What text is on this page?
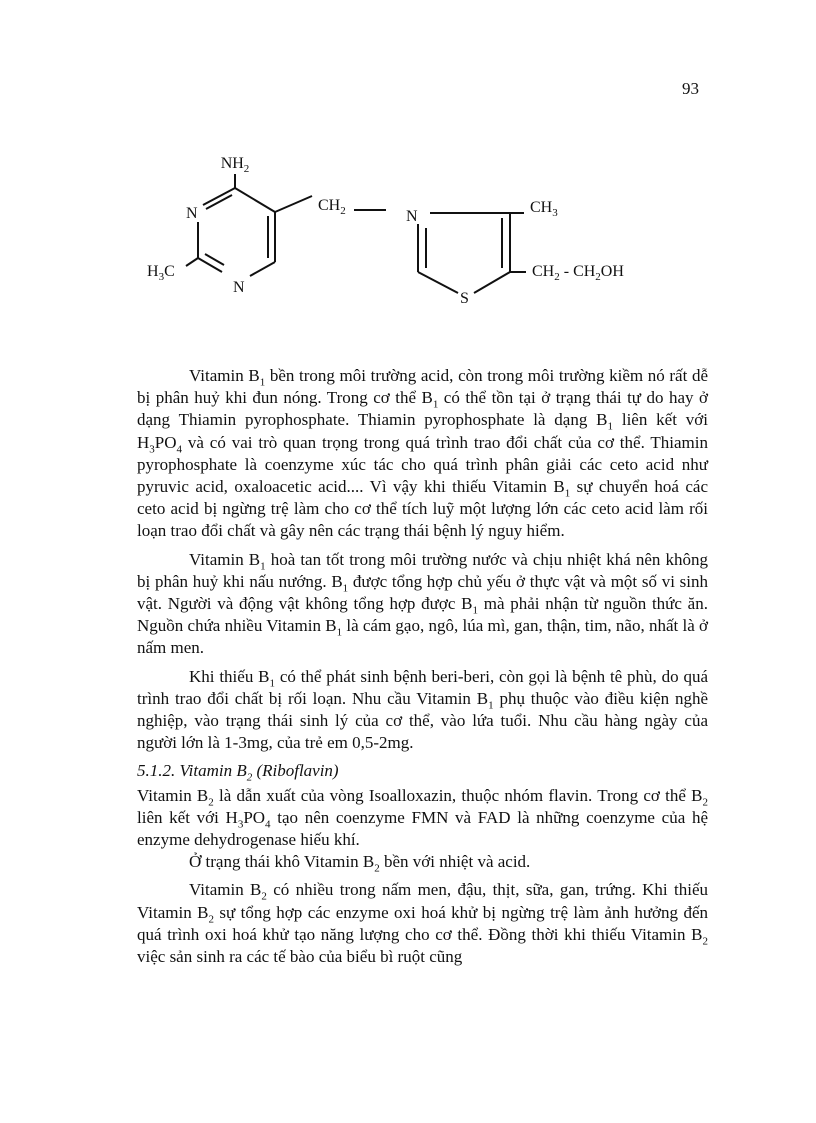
93
$NH_2$
N
N
$H_3C$
$CH_2$	N
S
$CH_3$
$CH_2 - CH_2OH$

Vitamin $B_1$ bền trong môi trường acid, còn trong môi trường kiềm nó rất dễ bị phân huỷ khi đun nóng. Trong cơ thể $B_1$ có thể tồn tại ở trạng thái tự do hay ở dạng Thiamin pyrophosphate. Thiamin pyrophosphate là dạng $B_1$ liên kết với $H_3PO_4$ và có vai trò quan trọng trong quá trình trao đổi chất của cơ thể. Thiamin pyrophosphate là coenzyme xúc tác cho quá trình phân giải các ceto acid như pyruvic acid, oxaloacetic acid.... Vì vậy khi thiếu Vitamin $B_1$ sự chuyển hoá các ceto acid bị ngừng trệ làm cho cơ thể tích luỹ một lượng lớn các ceto acid làm rối loạn trao đổi chất và gây nên các trạng thái bệnh lý nguy hiểm.

Vitamin $B_1$ hoà tan tốt trong môi trường nước và chịu nhiệt khá nên không bị phân huỷ khi nấu nướng. $B_1$ được tổng hợp chủ yếu ở thực vật và một số vi sinh vật. Người và động vật không tổng hợp được $B_1$ mà phải nhận từ nguồn thức ăn. Nguồn chứa nhiều Vitamin $B_1$ là cám gạo, ngô, lúa mì, gan, thận, tim, não, nhất là ở nấm men.

Khi thiếu $B_1$ có thể phát sinh bệnh beri-beri, còn gọi là bệnh tê phù, do quá trình trao đổi chất bị rối loạn. Nhu cầu Vitamin $B_1$ phụ thuộc vào điều kiện nghề nghiệp, vào trạng thái sinh lý của cơ thể, vào lứa tuổi. Nhu cầu hàng ngày của người lớn là 1-3mg, của trẻ em 0,5-2mg.

5.1.2. Vitamin $B_2$ (Riboflavin)

Vitamin $B_2$ là dẫn xuất của vòng Isoalloxazin, thuộc nhóm flavin. Trong cơ thể $B_2$ liên kết với $H_3PO_4$ tạo nên coenzyme FMN và FAD là những coenzyme của hệ enzyme dehydrogenase hiếu khí.

Ở trạng thái khô Vitamin $B_2$ bền với nhiệt và acid.

Vitamin $B_2$ có nhiều trong nấm men, đậu, thịt, sữa, gan, trứng. Khi thiếu Vitamin $B_2$ sự tổng hợp các enzyme oxi hoá khử bị ngừng trệ làm ảnh hưởng đến quá trình oxi hoá khử tạo năng lượng cho cơ thể. Đồng thời khi thiếu Vitamin $B_2$ việc sản sinh ra các tế bào của biểu bì ruột cũng
